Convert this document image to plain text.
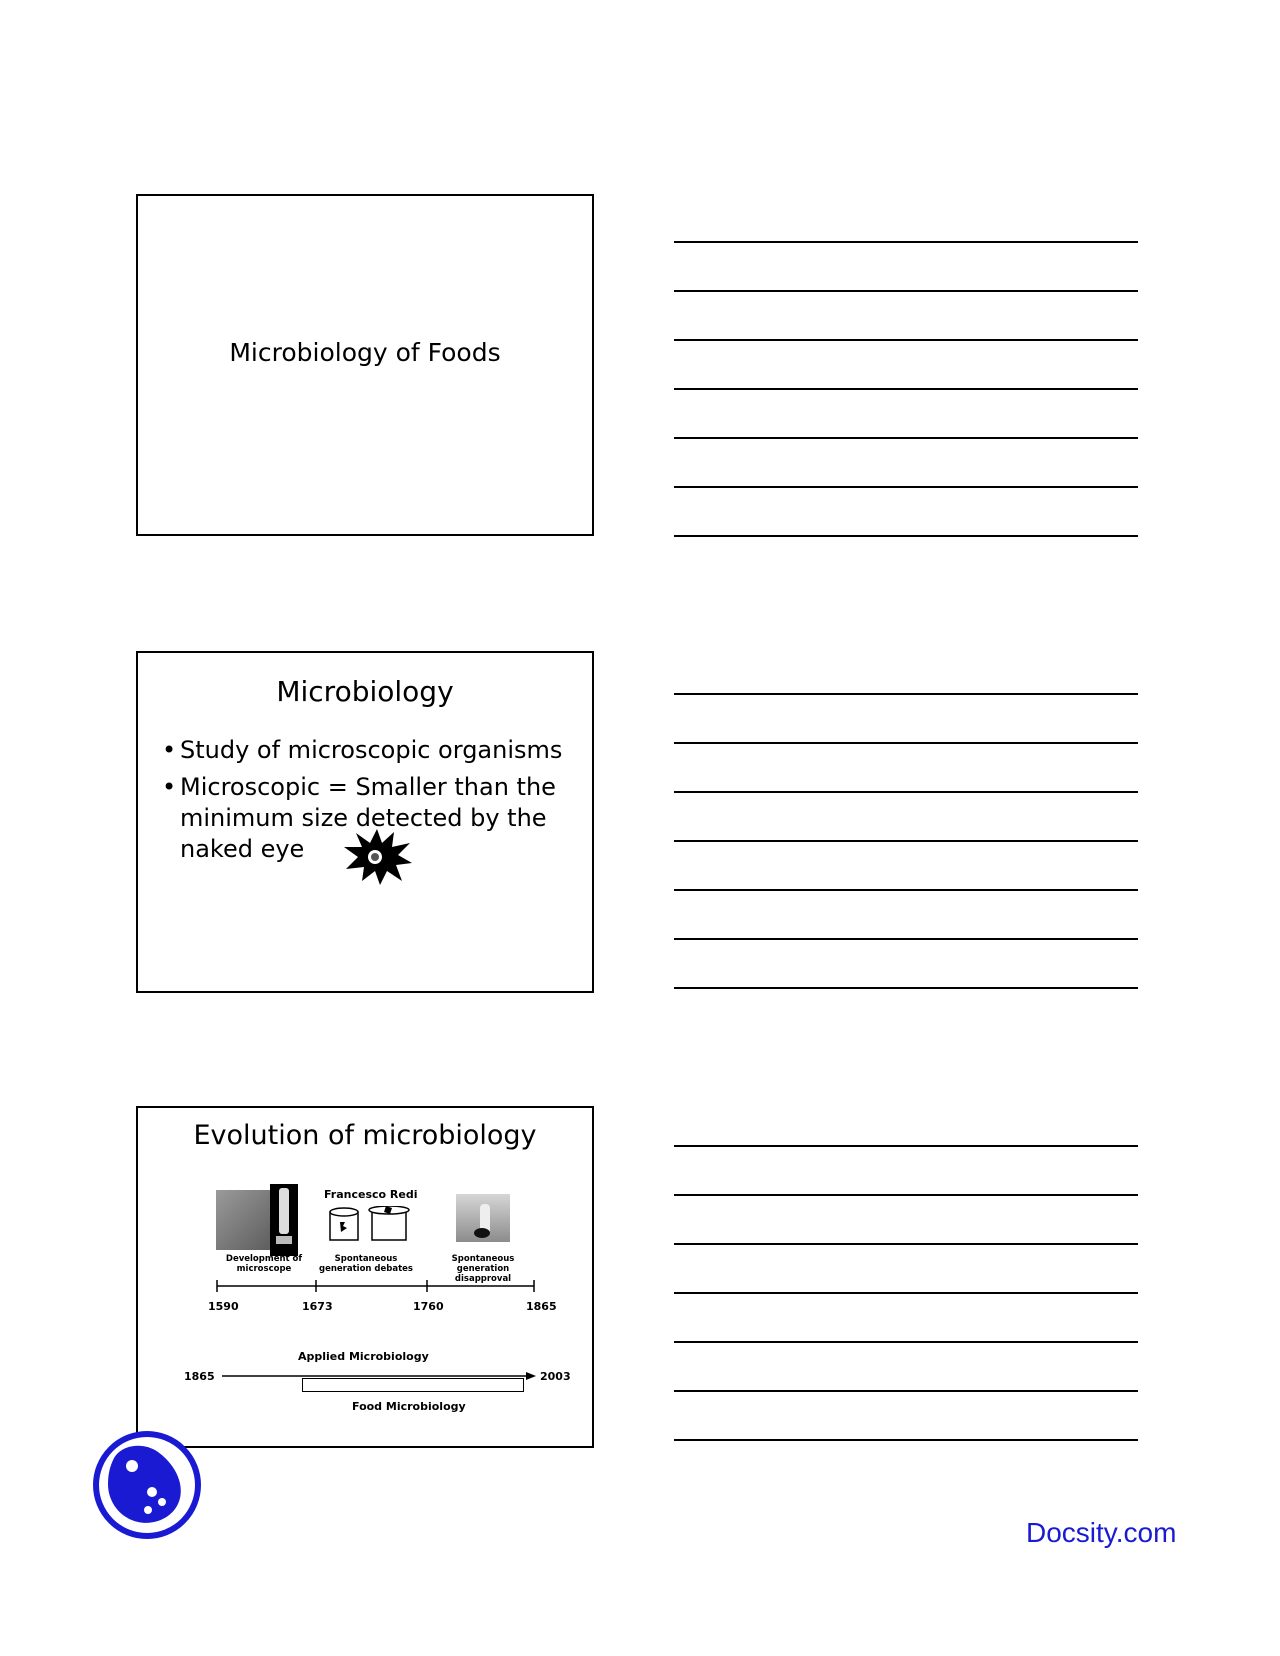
Microbiology of Foods
Microbiology
• Study of microscopic organisms
• Microscopic = Smaller than the minimum size detected by the naked eye
Evolution of microbiology
Francesco Redi
Development of microscope
Spontaneous generation debates
Spontaneous generation disapproval
1590	1673	1760	1865
Applied Microbiology
1865	2003
Food Microbiology
Docsity.com
